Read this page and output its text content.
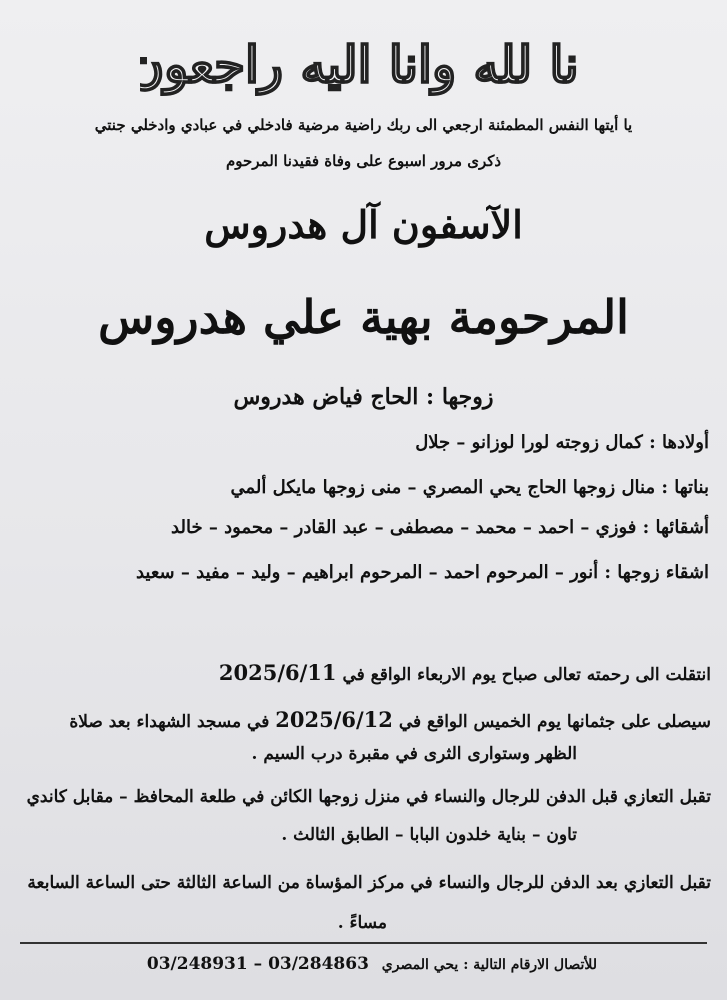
انا لله وانا اليه راجعون
يا أيتها النفس المطمئنة ارجعي الى ربك راضية مرضية فادخلي في عبادي وادخلي جنتي
ذكرى مرور اسبوع على وفاة فقيدنا المرحوم
الآسفون آل هدروس
المرحومة بهية علي هدروس
زوجها : الحاج فياض هدروس
أولادها : كمال زوجته لورا لوزانو – جلال
بناتها : منال زوجها الحاج يحي المصري – منى زوجها مايكل ألمي
أشقائها : فوزي – احمد – محمد – مصطفى – عبد القادر – محمود – خالد
اشقاء زوجها : أنور – المرحوم احمد – المرحوم ابراهيم – وليد – مفيد – سعيد
انتقلت الى رحمته تعالى صباح يوم الاربعاء الواقع في 2025/6/11
سيصلى على جثمانها يوم الخميس الواقع في 2025/6/12 في مسجد الشهداء بعد صلاة
الظهر وستوارى الثرى في مقبرة درب السيم .
تقبل التعازي قبل الدفن للرجال والنساء في منزل زوجها الكائن في طلعة المحافظ – مقابل كاندي
تاون – بناية خلدون البابا – الطابق الثالث .
تقبل التعازي بعد الدفن للرجال والنساء في مركز المؤساة من الساعة الثالثة حتى الساعة السابعة
مساءً .
للأتصال الارقام التالية : يحي المصري 03/284863 – 03/248931
